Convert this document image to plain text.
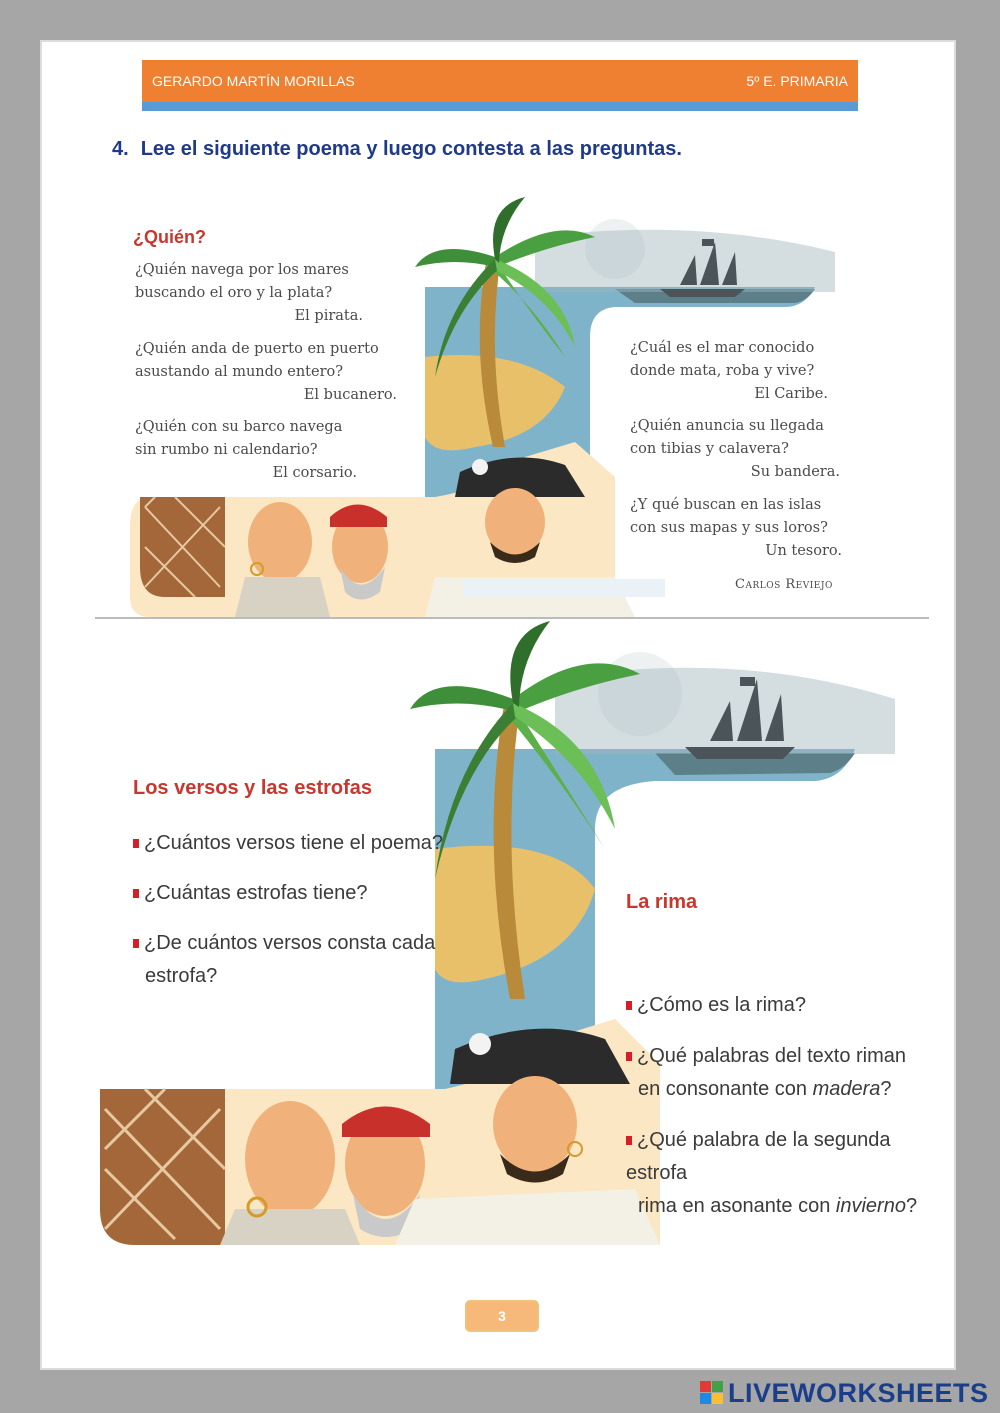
GERARDO MARTÍN MORILLAS	5º E. PRIMARIA
4. Lee el siguiente poema y luego contesta a las preguntas.
¿Quién?
¿Quién navega por los mares
buscando el oro y la plata?
El pirata.
¿Quién anda de puerto en puerto
asustando al mundo entero?
El bucanero.
¿Quién con su barco navega
sin rumbo ni calendario?
El corsario.
¿Cuál es el mar conocido
donde mata, roba y vive?
El Caribe.
¿Quién anuncia su llegada
con tibias y calavera?
Su bandera.
¿Y qué buscan en las islas
con sus mapas y sus loros?
Un tesoro.
Carlos Reviejo
Los versos y las estrofas
¿Cuántos versos tiene el poema?
¿Cuántas estrofas tiene?
¿De cuántos versos consta cada
estrofa?
La rima
¿Cómo es la rima?
¿Qué palabras del texto riman
en consonante con madera?
¿Qué palabra de la segunda estrofa
rima en asonante con invierno?
3
LIVEWORKSHEETS
